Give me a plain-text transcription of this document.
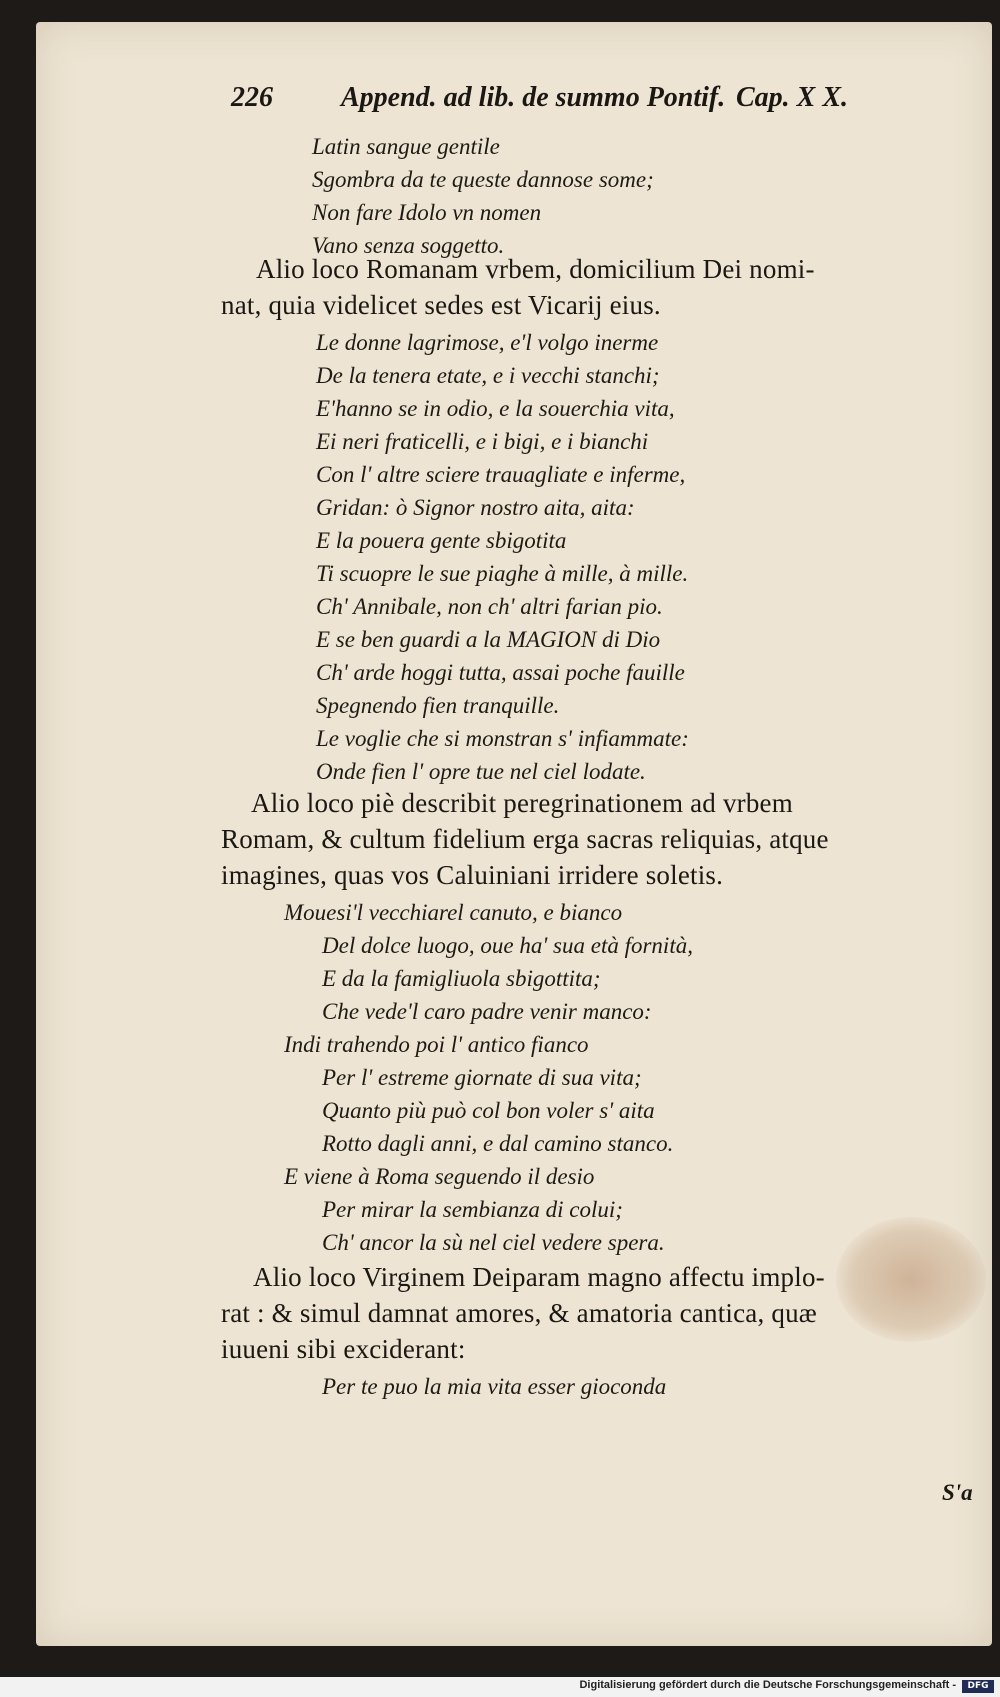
226 Append. ad lib. de summo Pontif. Cap. X X.
Latin sangue gentile
Sgombra da te queste dannose some;
Non fare Idolo vn nomen
Vano senza soggetto.
Alio loco Romanam vrbem, domicilium Dei nomi-
nat, quia videlicet sedes est Vicarij eius.
Le donne lagrimose, e'l volgo inerme
De la tenera etate, e i vecchi stanchi;
E'hanno se in odio, e la souerchia vita,
Ei neri fraticelli, e i bigi, e i bianchi
Con l' altre sciere trauagliate e inferme,
Gridan: ò Signor nostro aita, aita:
E la pouera gente sbigotita
Ti scuopre le sue piaghe à mille, à mille.
Ch' Annibale, non ch' altri farian pio.
E se ben guardi a la MAGION di Dio
Ch' arde hoggi tutta, assai poche fauille
Spegnendo fien tranquille.
Le voglie che si monstran s' infiammate:
Onde fien l' opre tue nel ciel lodate.
Alio loco piè describit peregrinationem ad vrbem
Romam, & cultum fidelium erga sacras reliquias, atque
imagines, quas vos Caluiniani irridere soletis.
Mouesi'l vecchiarel canuto, e bianco
Del dolce luogo, oue ha' sua età fornità,
E da la famigliuola sbigottita;
Che vede'l caro padre venir manco:
Indi trahendo poi l' antico fianco
Per l' estreme giornate di sua vita;
Quanto più può col bon voler s' aita
Rotto dagli anni, e dal camino stanco.
E viene à Roma seguendo il desio
Per mirar la sembianza di colui;
Ch' ancor la sù nel ciel vedere spera.
Alio loco Virginem Deiparam magno affectu implo-
rat : & simul damnat amores, & amatoria cantica, quæ
iuueni sibi exciderant:
Per te puo la mia vita esser gioconda
S'a
Digitalisierung gefördert durch die Deutsche Forschungsgemeinschaft -	DFG
